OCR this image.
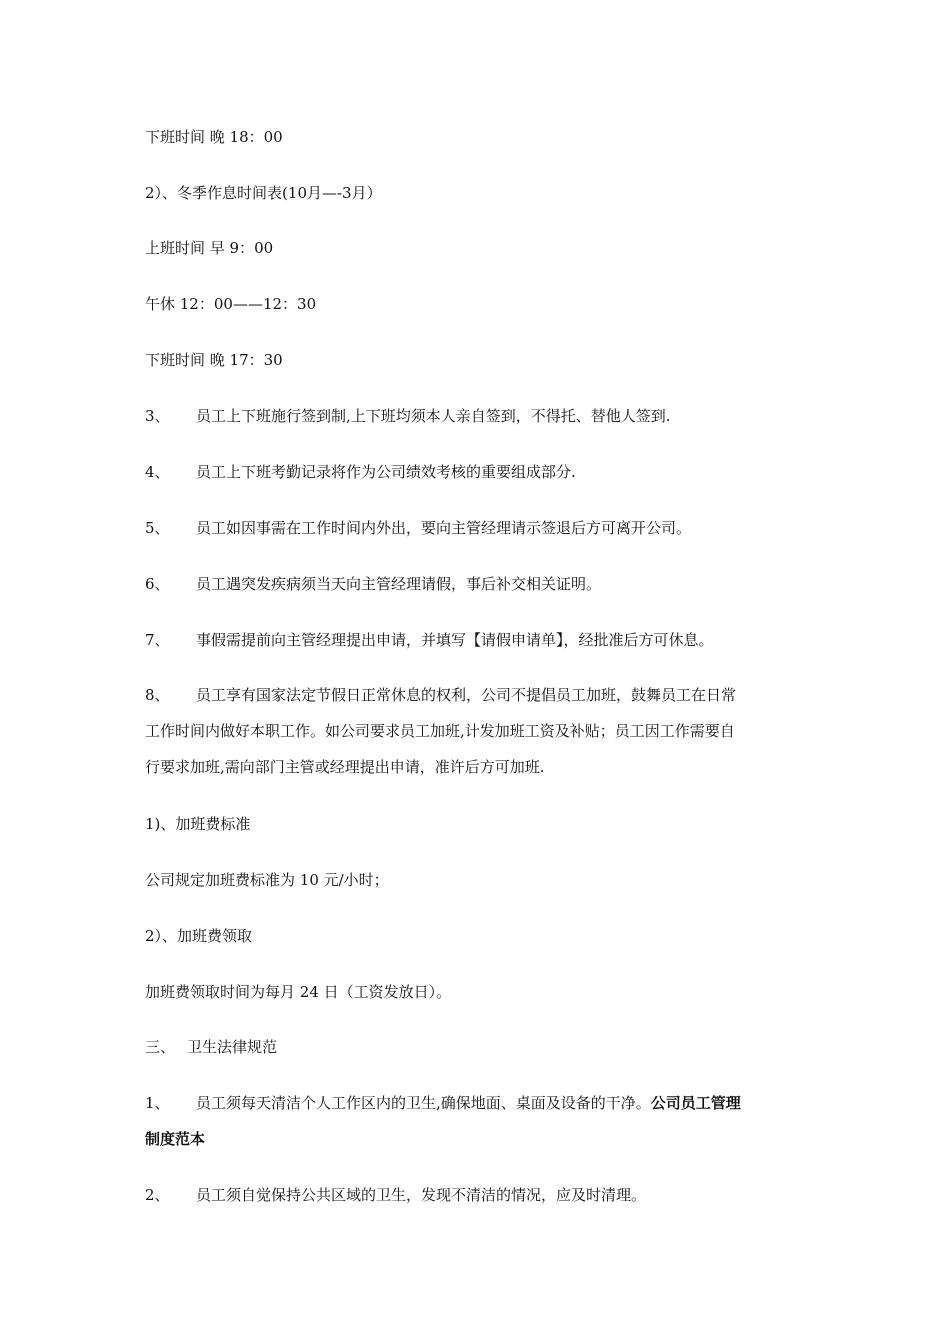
下班时间 晚 18：00
2）、冬季作息时间表(10月—-3月）
上班时间 早 9：00
午休 12：00——12：30
下班时间 晚 17：30
3、 员工上下班施行签到制,上下班均须本人亲自签到，不得托、替他人签到.
4、 员工上下班考勤记录将作为公司绩效考核的重要组成部分.
5、 员工如因事需在工作时间内外出，要向主管经理请示签退后方可离开公司。
6、 员工遇突发疾病须当天向主管经理请假，事后补交相关证明。
7、 事假需提前向主管经理提出申请，并填写【请假申请单】，经批准后方可休息。
8、 员工享有国家法定节假日正常休息的权利，公司不提倡员工加班，鼓舞员工在日常
工作时间内做好本职工作。如公司要求员工加班,计发加班工资及补贴；员工因工作需要自
行要求加班,需向部门主管或经理提出申请，准许后方可加班.
1)、加班费标准
公司规定加班费标准为 10 元/小时；
2）、加班费领取
加班费领取时间为每月 24 日（工资发放日）。
三、 卫生法律规范
1、 员工须每天清洁个人工作区内的卫生,确保地面、桌面及设备的干净。公司员工管理
制度范本
2、 员工须自觉保持公共区域的卫生，发现不清洁的情况，应及时清理。
